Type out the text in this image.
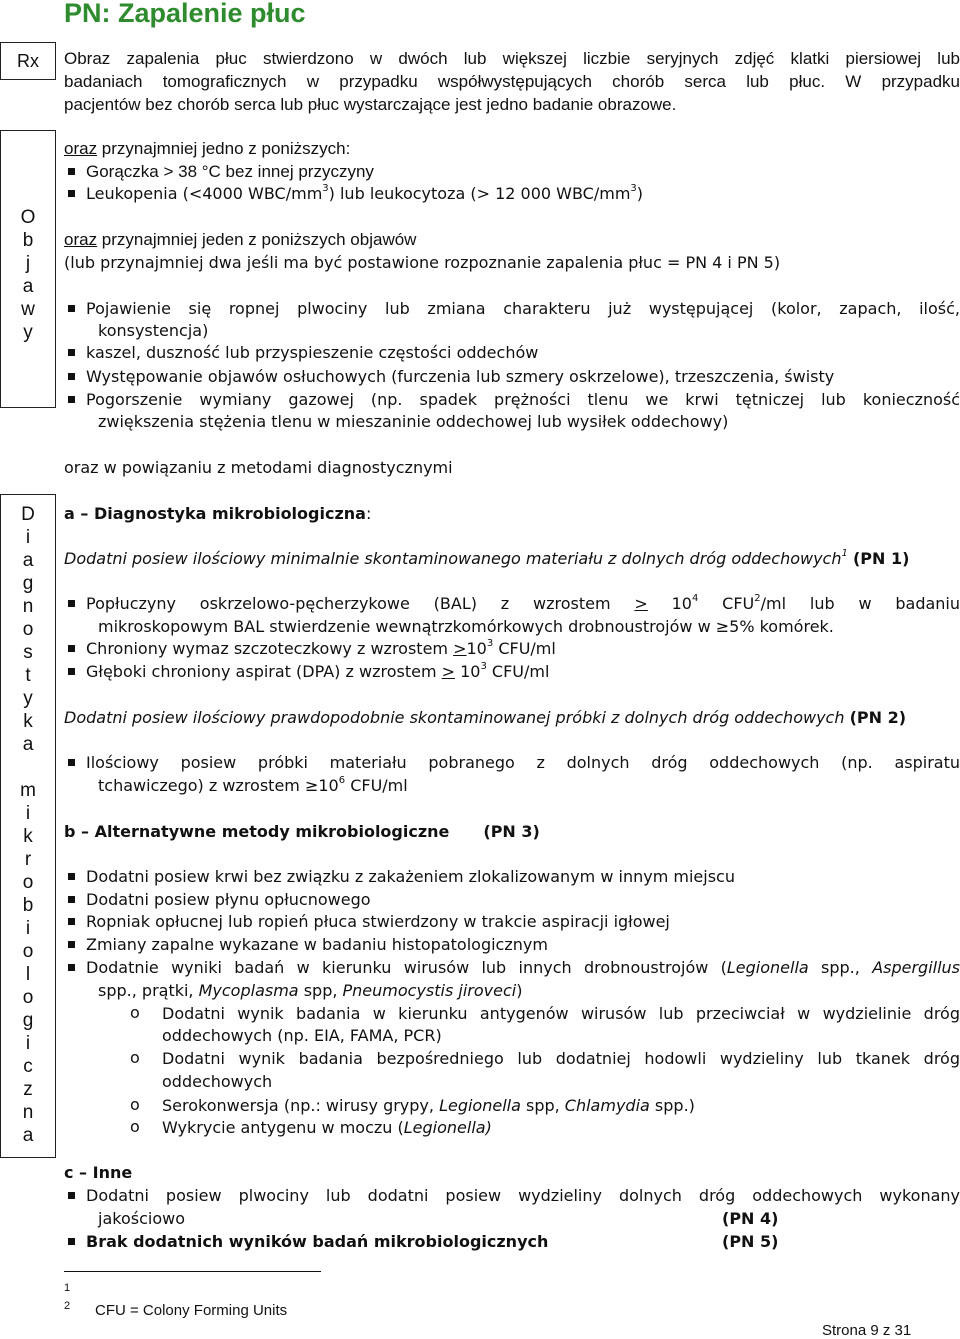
PN: Zapalenie płuc
Rx	Obraz zapalenia płuc stwierdzono w dwóch lub większej liczbie seryjnych zdjęć klatki piersiowej lub
badaniach tomograficznych w przypadku współwystępujących chorób serca lub płuc. W przypadku
pacjentów bez chorób serca lub płuc wystarczające jest jedno badanie obrazowe.
O
b
j
a
w
y
oraz przynajmniej jedno z poniższych:
Gorączka > 38 °C bez innej przyczyny
Leukopenia (<4000 WBC/$mm^3$) lub leukocytoza (> 12 000 WBC/$mm^3$)
oraz przynajmniej jeden z poniższych objawów
(lub przynajmniej dwa jeśli ma być postawione rozpoznanie zapalenia płuc = PN 4 i PN 5)
Pojawienie się ropnej plwociny lub zmiana charakteru już występującej (kolor, zapach, ilość,
konsystencja)
kaszel, duszność lub przyspieszenie częstości oddechów
Występowanie objawów osłuchowych (furczenia lub szmery oskrzelowe), trzeszczenia, świsty
Pogorszenie wymiany gazowej (np. spadek prężności tlenu we krwi tętniczej lub konieczność
zwiększenia stężenia tlenu w mieszaninie oddechowej lub wysiłek oddechowy)
oraz w powiązaniu z metodami diagnostycznymi
D
i
a
g
n
o
s
t
y
k
a
m
i
k
r
o
b
i
o
l
o
g
i
c
z
n
a
a – Diagnostyka mikrobiologiczna:
Dodatni posiew ilościowy minimalnie skontaminowanego materiału z dolnych dróg oddechowych$^1$ (PN 1)
Popłuczyny oskrzelowo-pęcherzykowe (BAL) z wzrostem > $10^4$ CFU$^2$/ml lub w badaniu
mikroskopowym BAL stwierdzenie wewnątrzkomórkowych drobnoustrojów w ≥5% komórek.
Chroniony wymaz szczoteczkowy z wzrostem $>10^3$ CFU/ml
Głęboki chroniony aspirat (DPA) z wzrostem > $10^3$ CFU/ml
Dodatni posiew ilościowy prawdopodobnie skontaminowanej próbki z dolnych dróg oddechowych (PN 2)
Ilościowy posiew próbki materiału pobranego z dolnych dróg oddechowych (np. aspiratu
tchawiczego) z wzrostem $\ge 10^6$ CFU/ml
b – Alternatywne metody mikrobiologiczne (PN 3)
Dodatni posiew krwi bez związku z zakażeniem zlokalizowanym w innym miejscu
Dodatni posiew płynu opłucnowego
Ropniak opłucnej lub ropień płuca stwierdzony w trakcie aspiracji igłowej
Zmiany zapalne wykazane w badaniu histopatologicznym
Dodatnie wyniki badań w kierunku wirusów lub innych drobnoustrojów (Legionella spp., Aspergillus
spp., prątki, Mycoplasma spp, Pneumocystis jiroveci)
o Dodatni wynik badania w kierunku antygenów wirusów lub przeciwciał w wydzielinie dróg
oddechowych (np. EIA, FAMA, PCR)
o Dodatni wynik badania bezpośredniego lub dodatniej hodowli wydzieliny lub tkanek dróg
oddechowych
o Serokonwersja (np.: wirusy grypy, Legionella spp, Chlamydia spp.)
o Wykrycie antygenu w moczu (Legionella)
c – Inne
Dodatni posiew plwociny lub dodatni posiew wydzieliny dolnych dróg oddechowych wykonany
jakościowo	(PN 4)
Brak dodatnich wyników badań mikrobiologicznych	(PN 5)
1
2 CFU = Colony Forming Units
Strona 9 z 31
